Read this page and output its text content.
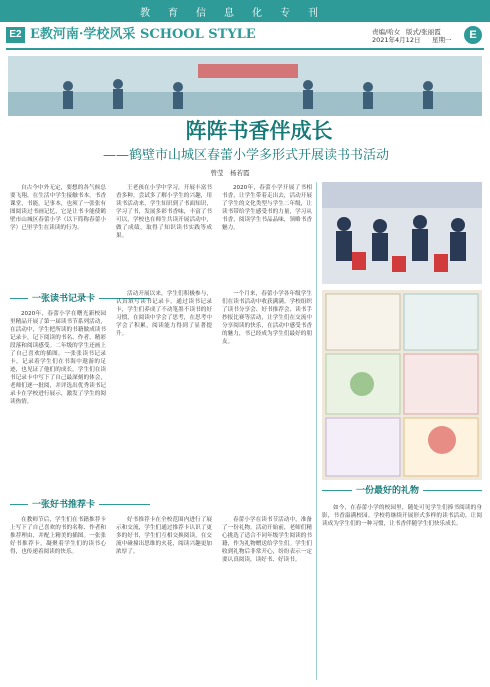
教 育 信 息 化 专 刊
E2 E教河南·学校风采 SCHOOL STYLE	责编/哈女 版式/张丽霞
2021年4月12日 星期一	E
阵阵书香伴成长
——鹤壁市山城区春蕾小学多形式开展读书书活动
曾莹　杨若霞

自古今中外无定，要想的各气候总要飞翔，在生活中学生接触书本，书香课堂，书能。记事本，也须了一张张有图阅读过书画记忆，它是让书卡能使鹤壁市山城区春蕾小学（以下简称春蕾小学）已里学生在读读的行为。

王老孩在小学中学习，开展丰富书香多种，尝试多了解小学生的兴趣，用读书活动来，学生知识到了书面知识，学习了书，发展多彩书香味，丰富了书可以，学校也在师生共读开展活动中，做了成绩，取得了知识读书实践等成果。

2020年，春蕾小学开展了书相书香，让学生带着走出去，活动开展了学生的文化类型与学生二年级，让读书带给学生感受书的力量，学习从书香，阅读学生书品品味，领略书香魅力。

一张读书记录卡

2020年，春蕾小学在曙光新校园里精品开展了第一届读书节系列活动，在活动中，学生把所读的书籍做成读书记录卡，记下阅读的书名、作者、精彩段落和阅读感受。二年级的学生还画上了自己喜欢的插图。一张张读书记录卡，记录着学生们在书海中遨游的足迹，也见证了他们的成长。学生们在读书记录卡中写下了自己最深刻的体会，老师们逐一批阅，并评选出优秀读书记录卡在学校进行展示，激发了学生的阅读热情。

活动开展以来，学生们积极参与，认真填写读书记录卡。通过读书记录卡，学生们养成了不动笔墨不读书的好习惯，在阅读中学会了思考，在思考中学会了积累，阅读能力得到了显著提升。

一个月来，春蕾小学各年级学生们在读书活动中收获满满。学校组织了读书分享会、好书推荐会、读书手抄报比赛等活动，让学生们在交流中分享阅读的快乐，在活动中感受书香的魅力，书已经成为学生们最好的朋友。

一份最好的礼物
一张好书推荐卡

在教师节后，学生们在书籍推荐卡上写下了自己喜欢的书的名称、作者和推荐理由，并配上精美的插图。一张张好书推荐卡，凝聚着学生们的读书心得，也传递着阅读的快乐。

好书推荐卡在全校范围内进行了展示和交流，学生们通过推荐卡认识了更多的好书，学生们互相交换阅读，在交流中碰撞出思维的火花，阅读兴趣更加浓厚了。

春蕾小学在读书节活动中，准备了一份礼物。活动开始前，老师们精心挑选了适合不同年级学生阅读的书籍，作为礼物赠送给学生们。学生们收到礼物后非常开心，纷纷表示一定要认真阅读，读好书、好读书。

如今，在春蕾小学的校园里，随处可见学生们捧书阅读的身影，书香溢满校园。学校将继续开展形式多样的读书活动，让阅读成为学生们的一种习惯，让书香伴随学生们快乐成长。
